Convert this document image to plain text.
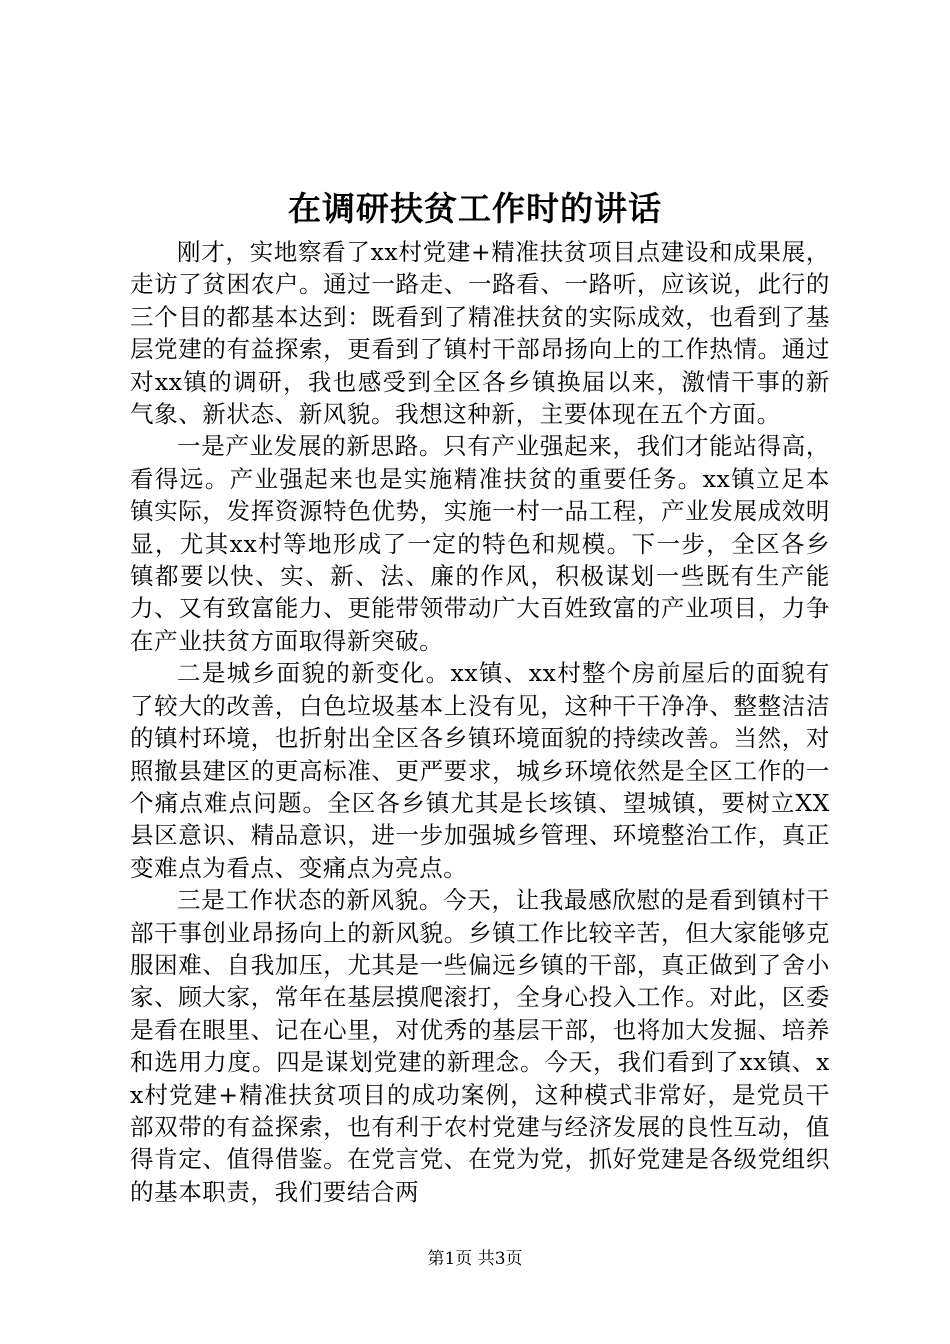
在调研扶贫工作时的讲话

刚才，实地察看了xx村党建+精准扶贫项目点建设和成果展，走访了贫困农户。通过一路走、一路看、一路听，应该说，此行的三个目的都基本达到：既看到了精准扶贫的实际成效，也看到了基层党建的有益探索，更看到了镇村干部昂扬向上的工作热情。通过对xx镇的调研，我也感受到全区各乡镇换届以来，激情干事的新气象、新状态、新风貌。我想这种新，主要体现在五个方面。

一是产业发展的新思路。只有产业强起来，我们才能站得高，看得远。产业强起来也是实施精准扶贫的重要任务。xx镇立足本镇实际，发挥资源特色优势，实施一村一品工程，产业发展成效明显，尤其xx村等地形成了一定的特色和规模。下一步，全区各乡镇都要以快、实、新、法、廉的作风，积极谋划一些既有生产能力、又有致富能力、更能带领带动广大百姓致富的产业项目，力争在产业扶贫方面取得新突破。

二是城乡面貌的新变化。xx镇、xx村整个房前屋后的面貌有了较大的改善，白色垃圾基本上没有见，这种干干净净、整整洁洁的镇村环境，也折射出全区各乡镇环境面貌的持续改善。当然，对照撤县建区的更高标准、更严要求，城乡环境依然是全区工作的一个痛点难点问题。全区各乡镇尤其是长垓镇、望城镇，要树立XX县区意识、精品意识，进一步加强城乡管理、环境整治工作，真正变难点为看点、变痛点为亮点。

三是工作状态的新风貌。今天，让我最感欣慰的是看到镇村干部干事创业昂扬向上的新风貌。乡镇工作比较辛苦，但大家能够克服困难、自我加压，尤其是一些偏远乡镇的干部，真正做到了舍小家、顾大家，常年在基层摸爬滚打，全身心投入工作。对此，区委是看在眼里、记在心里，对优秀的基层干部，也将加大发掘、培养和选用力度。四是谋划党建的新理念。今天，我们看到了xx镇、xx村党建+精准扶贫项目的成功案例，这种模式非常好，是党员干部双带的有益探索，也有利于农村党建与经济发展的良性互动，值得肯定、值得借鉴。在党言党、在党为党，抓好党建是各级党组织的基本职责，我们要结合两

第1页 共3页
